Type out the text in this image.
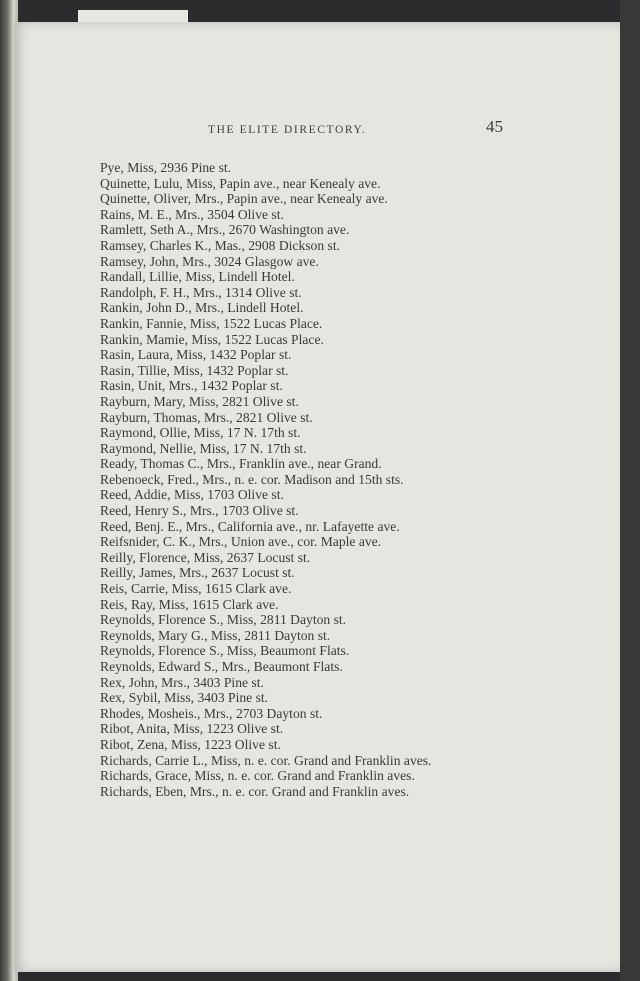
THE ELITE DIRECTORY.	45

Pye, Miss, 2936 Pine st.

Quinette, Lulu, Miss, Papin ave., near Kenealy ave.

Quinette, Oliver, Mrs., Papin ave., near Kenealy ave.

Rains, M. E., Mrs., 3504 Olive st.

Ramlett, Seth A., Mrs., 2670 Washington ave.

Ramsey, Charles K., Mas., 2908 Dickson st.

Ramsey, John, Mrs., 3024 Glasgow ave.

Randall, Lillie, Miss, Lindell Hotel.

Randolph, F. H., Mrs., 1314 Olive st.

Rankin, John D., Mrs., Lindell Hotel.

Rankin, Fannie, Miss, 1522 Lucas Place.

Rankin, Mamie, Miss, 1522 Lucas Place.

Rasin, Laura, Miss, 1432 Poplar st.

Rasin, Tillie, Miss, 1432 Poplar st.

Rasin, Unit, Mrs., 1432 Poplar st.

Rayburn, Mary, Miss, 2821 Olive st.

Rayburn, Thomas, Mrs., 2821 Olive st.

Raymond, Ollie, Miss, 17 N. 17th st.

Raymond, Nellie, Miss, 17 N. 17th st.

Ready, Thomas C., Mrs., Franklin ave., near Grand.

Rebenoeck, Fred., Mrs., n. e. cor. Madison and 15th sts.

Reed, Addie, Miss, 1703 Olive st.

Reed, Henry S., Mrs., 1703 Olive st.

Reed, Benj. E., Mrs., California ave., nr. Lafayette ave.

Reifsnider, C. K., Mrs., Union ave., cor. Maple ave.

Reilly, Florence, Miss, 2637 Locust st.

Reilly, James, Mrs., 2637 Locust st.

Reis, Carrie, Miss, 1615 Clark ave.

Reis, Ray, Miss, 1615 Clark ave.

Reynolds, Florence S., Miss, 2811 Dayton st.

Reynolds, Mary G., Miss, 2811 Dayton st.

Reynolds, Florence S., Miss, Beaumont Flats.

Reynolds, Edward S., Mrs., Beaumont Flats.

Rex, John, Mrs., 3403 Pine st.

Rex, Sybil, Miss, 3403 Pine st.

Rhodes, Mosheis., Mrs., 2703 Dayton st.

Ribot, Anita, Miss, 1223 Olive st.

Ribot, Zena, Miss, 1223 Olive st.

Richards, Carrie L., Miss, n. e. cor. Grand and Franklin aves.

Richards, Grace, Miss, n. e. cor. Grand and Franklin aves.

Richards, Eben, Mrs., n. e. cor. Grand and Franklin aves.
